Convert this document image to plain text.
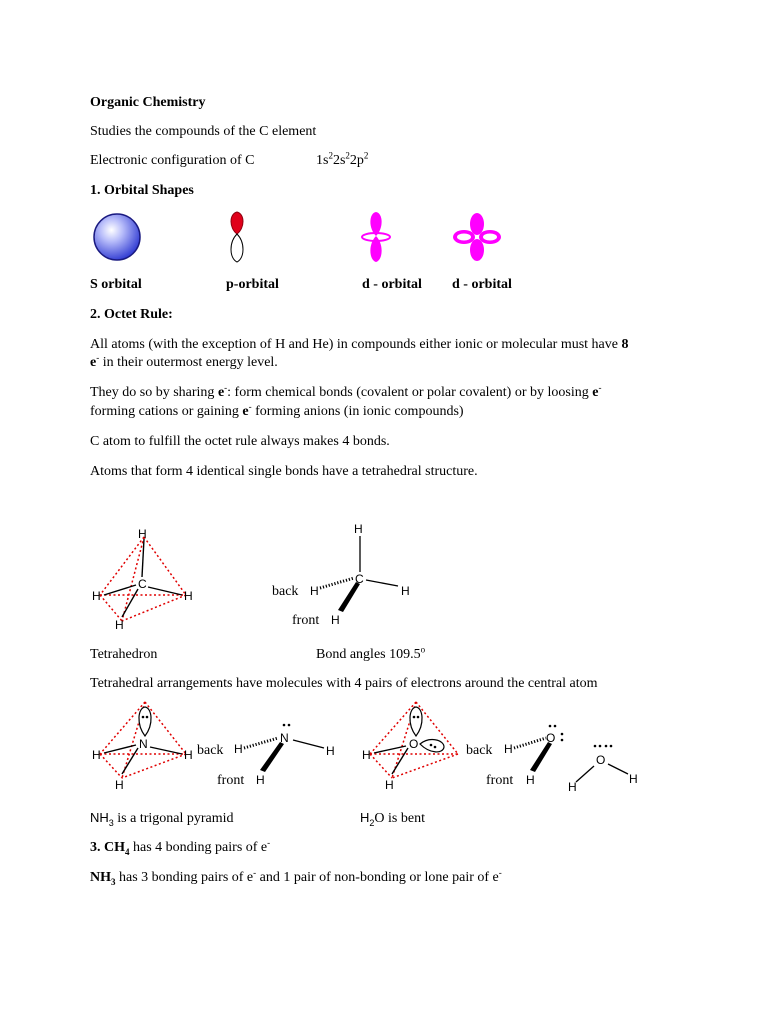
Organic Chemistry
Studies the compounds of the C element
Electronic configuration of C	$1s^22s^22p^2$
1. Orbital Shapes
S orbital	p-orbital	d - orbital d - orbital
2. Octet Rule:
All atoms (with the exception of H and He) in compounds either ionic or molecular must have 8
e- in their outermost energy level.
They do so by sharing e-: form chemical bonds (covalent or polar covalent) or by loosing e-
forming cations or gaining e- forming anions (in ionic compounds)
C atom to fulfill the octet rule always makes 4 bonds.
Atoms that form 4 identical single bonds have a tetrahedral structure.
H
C
H	H
H
H
C
H	H
H
back
front
Tetrahedron	Bond angles 109.5$^o$
Tetrahedral arrangements have molecules with 4 pairs of electrons around the central atom
N
H	H
H
N
H	H
H
back
front
O
H
H
O
H
H
back
front
O
H
H
$NH_3$ is a trigonal pyramid	$H_2O$ is bent
3. $CH_4$ has 4 bonding pairs of e-
$NH_3$ has 3 bonding pairs of e- and 1 pair of non-bonding or lone pair of e-
